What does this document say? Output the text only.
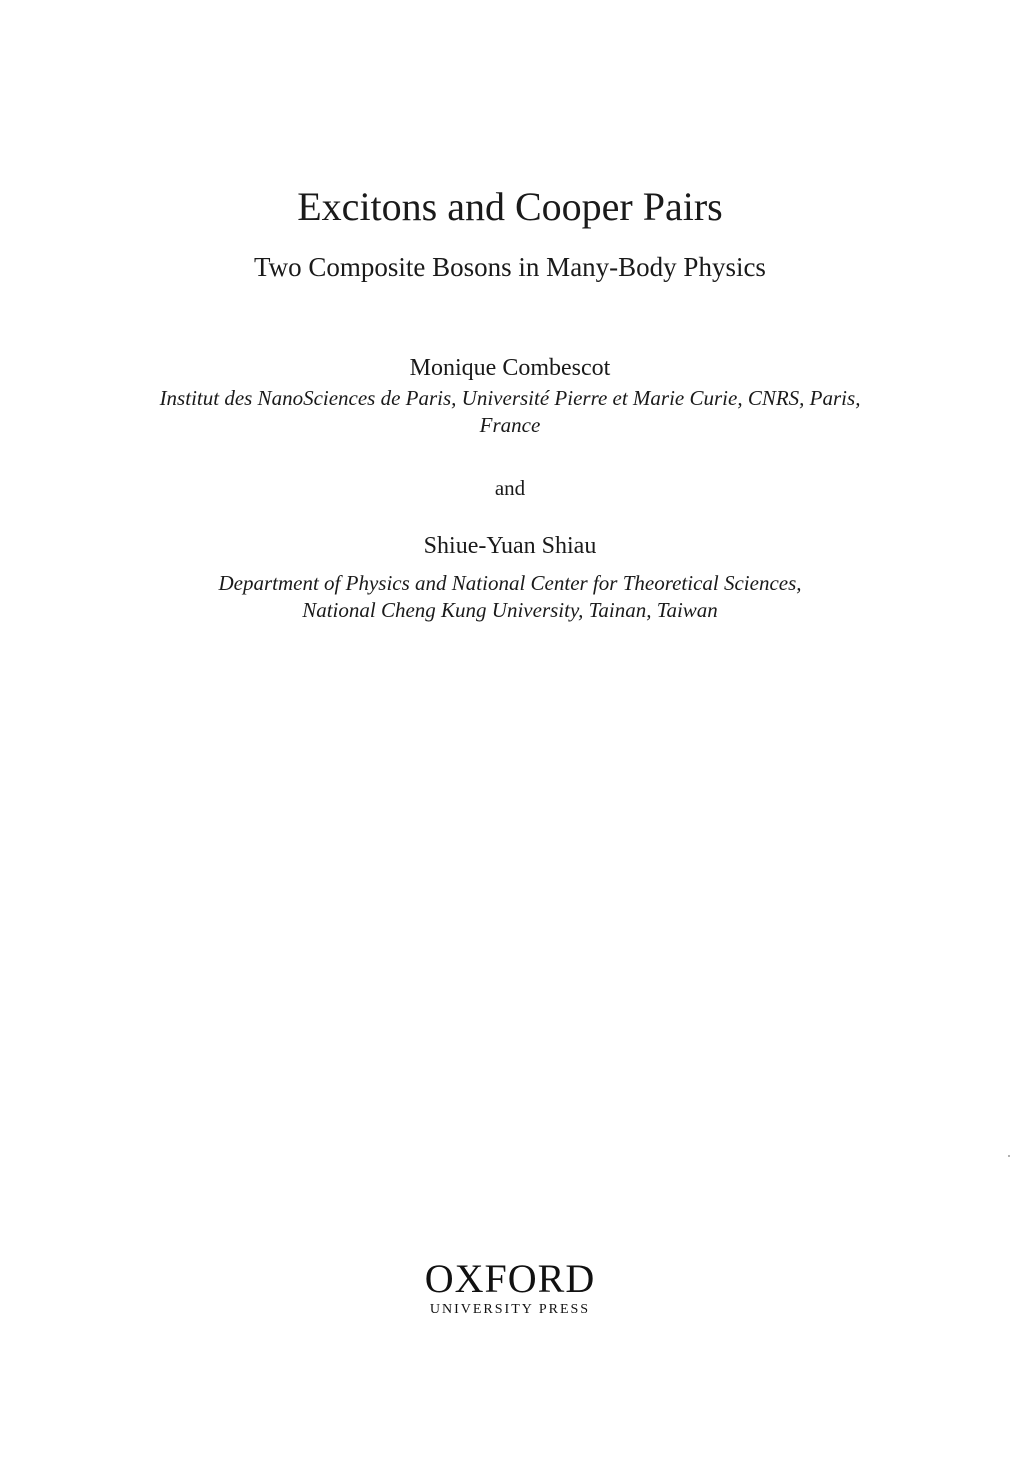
Excitons and Cooper Pairs
Two Composite Bosons in Many-Body Physics
Monique Combescot
Institut des NanoSciences de Paris, Université Pierre et Marie Curie, CNRS, Paris,
France
and
Shiue-Yuan Shiau
Department of Physics and National Center for Theoretical Sciences,
National Cheng Kung University, Tainan, Taiwan
OXFORD
UNIVERSITY PRESS
